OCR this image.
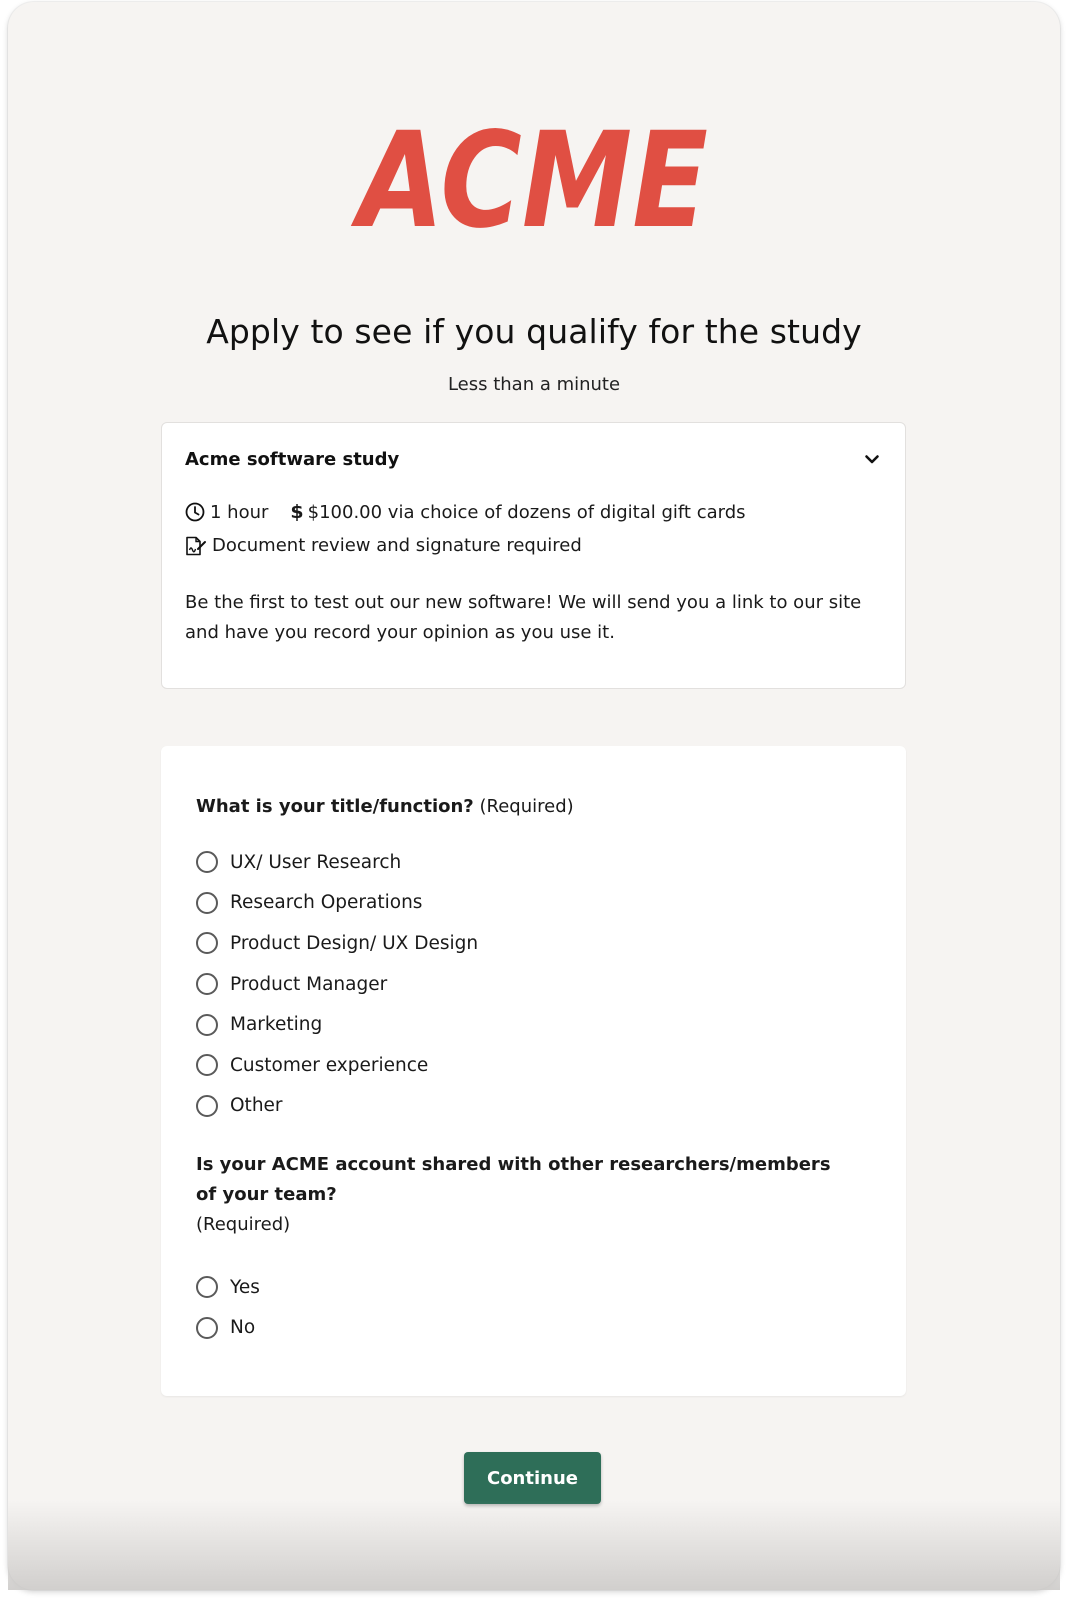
ACME
Apply to see if you qualify for the study
Less than a minute
Acme software study
1 hour $ $100.00 via choice of dozens of digital gift cards
Document review and signature required

Be the first to test out our new software! We will send you a link to our site and have you record your opinion as you use it.

What is your title/function? (Required)
UX/ User Research
Research Operations
Product Design/ UX Design
Product Manager
Marketing
Customer experience
Other
Is your ACME account shared with other researchers/members of your team?
(Required)
Yes
No
Continue
